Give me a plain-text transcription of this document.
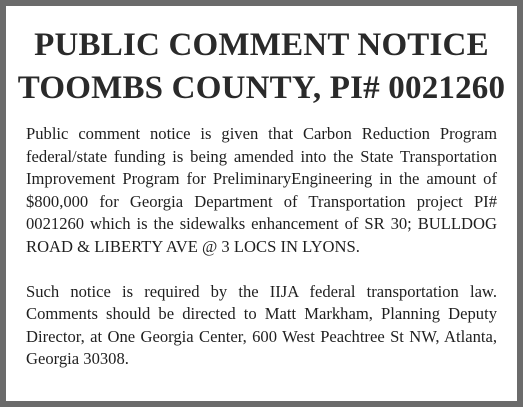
PUBLIC COMMENT NOTICE
TOOMBS COUNTY, PI# 0021260

Public comment notice is given that Carbon Reduction Program federal/state funding is being amended into the State Transportation Improvement Program for PreliminaryEngineering in the amount of $800,000 for Georgia Department of Transportation project PI# 0021260 which is the sidewalks enhancement of SR 30; BULLDOG ROAD & LIBERTY AVE @ 3 LOCS IN LYONS.

Such notice is required by the IIJA federal transportation law. Comments should be directed to Matt Markham, Planning Deputy Director, at One Georgia Center, 600 West Peachtree St NW, Atlanta, Georgia 30308.
